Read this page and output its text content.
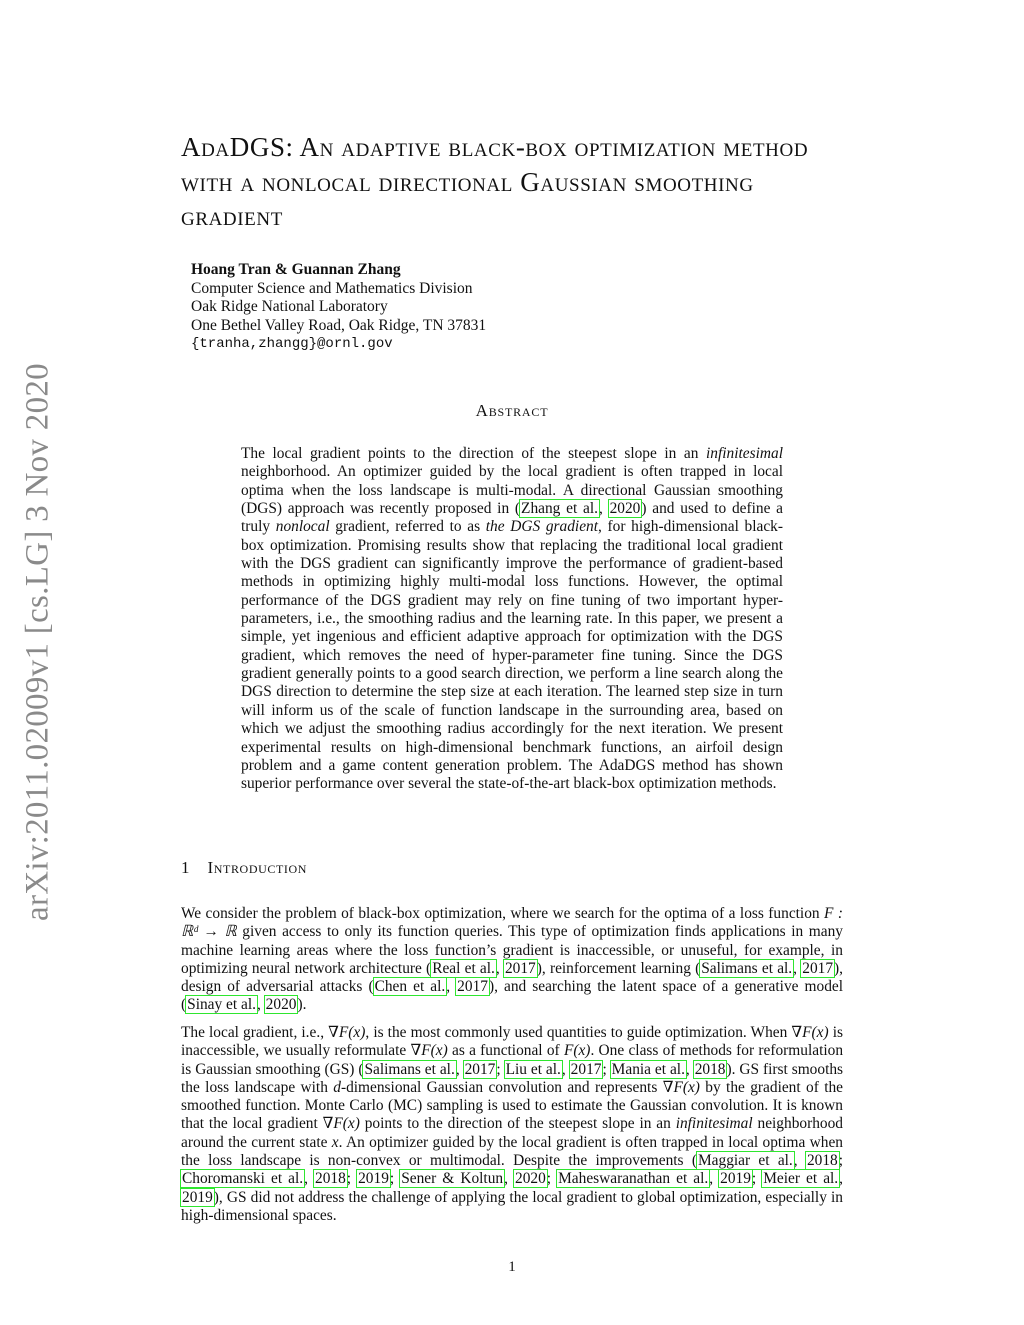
arXiv:2011.02009v1 [cs.LG] 3 Nov 2020
AdaDGS: An adaptive black-box optimization method with a nonlocal directional Gaussian smoothing gradient
Hoang Tran & Guannan Zhang
Computer Science and Mathematics Division
Oak Ridge National Laboratory
One Bethel Valley Road, Oak Ridge, TN 37831
{tranha,zhangg}@ornl.gov
Abstract
The local gradient points to the direction of the steepest slope in an infinitesimal neighborhood. An optimizer guided by the local gradient is often trapped in local optima when the loss landscape is multi-modal. A directional Gaussian smoothing (DGS) approach was recently proposed in (Zhang et al., 2020) and used to define a truly nonlocal gradient, referred to as the DGS gradient, for high-dimensional black-box optimization. Promising results show that replacing the traditional local gradient with the DGS gradient can significantly improve the performance of gradient-based methods in optimizing highly multi-modal loss functions. However, the optimal performance of the DGS gradient may rely on fine tuning of two important hyper-parameters, i.e., the smoothing radius and the learning rate. In this paper, we present a simple, yet ingenious and efficient adaptive approach for optimization with the DGS gradient, which removes the need of hyper-parameter fine tuning. Since the DGS gradient generally points to a good search direction, we perform a line search along the DGS direction to determine the step size at each iteration. The learned step size in turn will inform us of the scale of function landscape in the surrounding area, based on which we adjust the smoothing radius accordingly for the next iteration. We present experimental results on high-dimensional benchmark functions, an airfoil design problem and a game content generation problem. The AdaDGS method has shown superior performance over several the state-of-the-art black-box optimization methods.
1 Introduction
We consider the problem of black-box optimization, where we search for the optima of a loss function F : ℝᵈ → ℝ given access to only its function queries. This type of optimization finds applications in many machine learning areas where the loss function’s gradient is inaccessible, or unuseful, for example, in optimizing neural network architecture (Real et al., 2017), reinforcement learning (Salimans et al., 2017), design of adversarial attacks (Chen et al., 2017), and searching the latent space of a generative model (Sinay et al., 2020).
The local gradient, i.e., ∇F(x), is the most commonly used quantities to guide optimization. When ∇F(x) is inaccessible, we usually reformulate ∇F(x) as a functional of F(x). One class of methods for reformulation is Gaussian smoothing (GS) (Salimans et al., 2017; Liu et al., 2017; Mania et al., 2018). GS first smooths the loss landscape with d-dimensional Gaussian convolution and represents ∇F(x) by the gradient of the smoothed function. Monte Carlo (MC) sampling is used to estimate the Gaussian convolution. It is known that the local gradient ∇F(x) points to the direction of the steepest slope in an infinitesimal neighborhood around the current state x. An optimizer guided by the local gradient is often trapped in local optima when the loss landscape is non-convex or multimodal. Despite the improvements (Maggiar et al., 2018; Choromanski et al., 2018; 2019; Sener & Koltun, 2020; Maheswaranathan et al., 2019; Meier et al., 2019), GS did not address the challenge of applying the local gradient to global optimization, especially in high-dimensional spaces.
1
